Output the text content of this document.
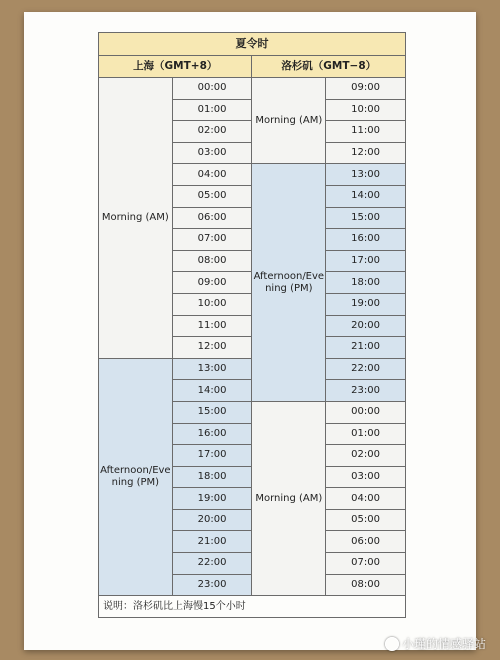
夏令时			
上海（GMT+8）		洛杉矶（GMT−8）	
Morning (AM)	00:00	Morning (AM)	09:00
	01:00		10:00
	02:00		11:00
	03:00		12:00
	04:00	Afternoon/Evening (PM)	13:00
	05:00		14:00
	06:00		15:00
	07:00		16:00
	08:00		17:00
	09:00		18:00
	10:00		19:00
	11:00		20:00
	12:00		21:00
Afternoon/Evening (PM)	13:00		22:00
	14:00		23:00
	15:00	Morning (AM)	00:00
	16:00		01:00
	17:00		02:00
	18:00		03:00
	19:00		04:00
	20:00		05:00
	21:00		06:00
	22:00		07:00
	23:00		08:00
说明：洛杉矶比上海慢15个小时			
小瑾的情感驿站
